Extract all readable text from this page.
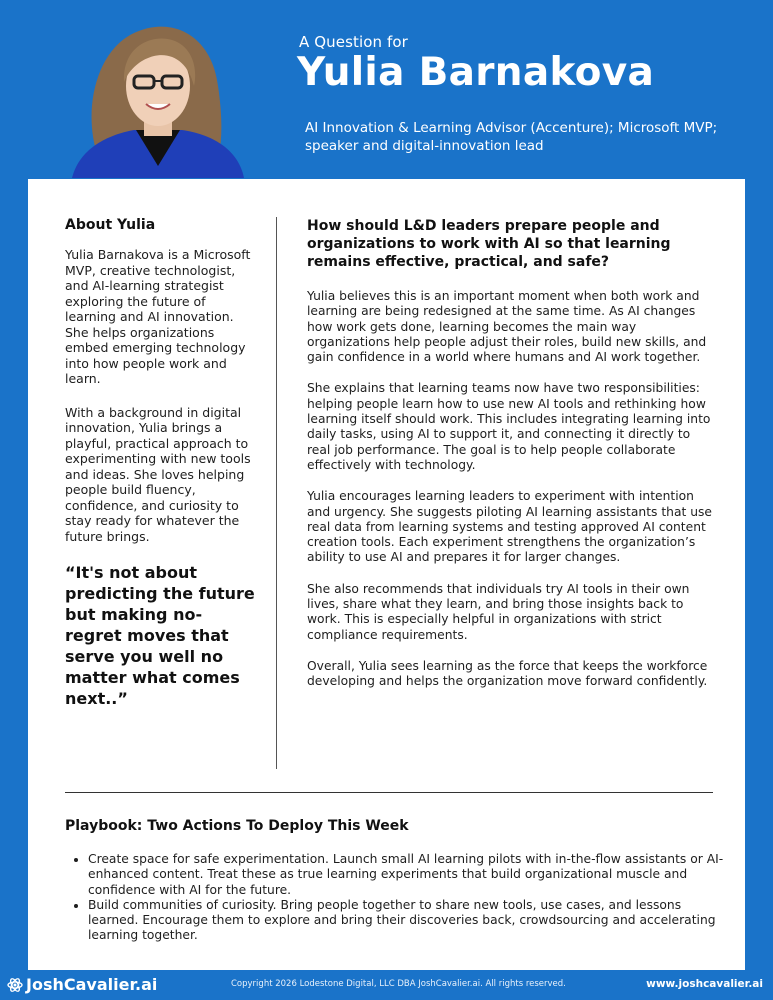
A Question for
Yulia Barnakova
AI Innovation & Learning Advisor (Accenture); Microsoft MVP; speaker and digital-innovation lead
About Yulia

Yulia Barnakova is a Microsoft MVP, creative technologist, and AI-learning strategist exploring the future of learning and AI innovation. She helps organizations embed emerging technology into how people work and learn.

With a background in digital innovation, Yulia brings a playful, practical approach to experimenting with new tools and ideas. She loves helping people build fluency, confidence, and curiosity to stay ready for whatever the future brings.

“It's not about predicting the future but making no-regret moves that serve you well no matter what comes next..”

How should L&D leaders prepare people and organizations to work with AI so that learning remains effective, practical, and safe?

Yulia believes this is an important moment when both work and learning are being redesigned at the same time. As AI changes how work gets done, learning becomes the main way organizations help people adjust their roles, build new skills, and gain confidence in a world where humans and AI work together.

She explains that learning teams now have two responsibilities: helping people learn how to use new AI tools and rethinking how learning itself should work. This includes integrating learning into daily tasks, using AI to support it, and connecting it directly to real job performance. The goal is to help people collaborate effectively with technology.

Yulia encourages learning leaders to experiment with intention and urgency. She suggests piloting AI learning assistants that use real data from learning systems and testing approved AI content creation tools. Each experiment strengthens the organization’s ability to use AI and prepares it for larger changes.

She also recommends that individuals try AI tools in their own lives, share what they learn, and bring those insights back to work. This is especially helpful in organizations with strict compliance requirements.

Overall, Yulia sees learning as the force that keeps the workforce developing and helps the organization move forward confidently.

Playbook: Two Actions To Deploy This Week
• Create space for safe experimentation. Launch small AI learning pilots with in-the-flow assistants or AI-enhanced content. Treat these as true learning experiments that build organizational muscle and confidence with AI for the future.
• Build communities of curiosity. Bring people together to share new tools, use cases, and lessons learned. Encourage them to explore and bring their discoveries back, crowdsourcing and accelerating learning together.
JoshCavalier.ai	Copyright 2026 Lodestone Digital, LLC DBA JoshCavalier.ai. All rights reserved.	www.joshcavalier.ai
